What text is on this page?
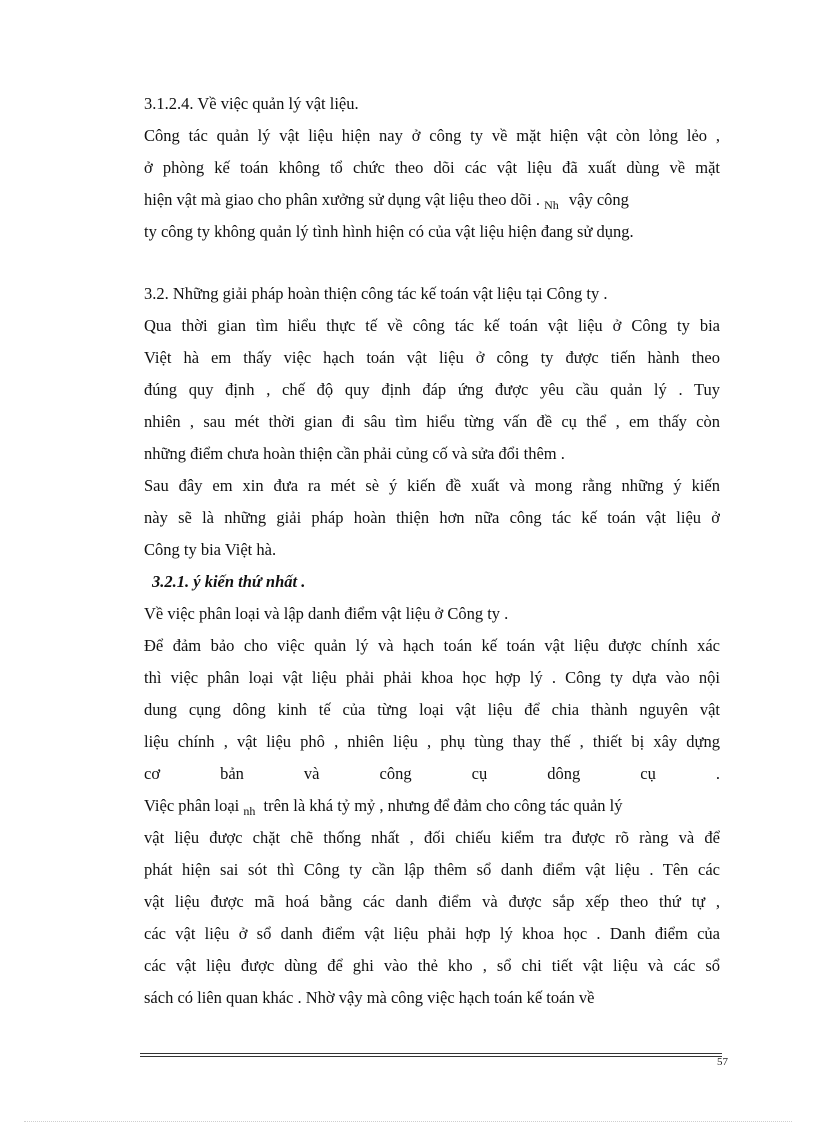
3.1.2.4. Về việc quản lý vật liệu.
Công tác quản lý vật liệu hiện nay ở công ty về mặt hiện vật còn lỏng lẻo ,
ở phòng kế toán không tổ chức theo dõi các vật liệu đã xuất dùng về mặt
hiện vật mà giao cho phân xưởng sử dụng vật liệu theo dõi . $_{Nh}$ vậy công
ty công ty không quản lý tình hình hiện có của vật liệu hiện đang sử dụng.
3.2. Những giải pháp hoàn thiện công tác kế toán vật liệu tại Công ty .
Qua thời gian tìm hiểu thực tế về công tác kế toán vật liệu ở Công ty bia
Việt hà em thấy việc hạch toán vật liệu ở công ty được tiến hành theo
đúng quy định , chế độ quy định đáp ứng được yêu cầu quản lý . Tuy
nhiên , sau mét thời gian đi sâu tìm hiểu từng vấn đề cụ thể , em thấy còn
những điểm chưa hoàn thiện cần phải củng cố và sửa đổi thêm .
Sau đây em xin đưa ra mét sè ý kiến đề xuất và mong rằng những ý kiến
này sẽ là những giải pháp hoàn thiện hơn nữa công tác kế toán vật liệu ở
Công ty bia Việt hà.
3.2.1. ý kiến thứ nhất .
Về việc phân loại và lập danh điểm vật liệu ở Công ty .
Để đảm bảo cho việc quản lý và hạch toán kế toán vật liệu được chính xác
thì việc phân loại vật liệu phải phải khoa học hợp lý . Công ty dựa vào nội
dung cụng dông kinh tế của từng loại vật liệu để chia thành nguyên vật
liệu chính , vật liệu phô , nhiên liệu , phụ tùng thay thế , thiết bị xây dựng
cơ bản và công cụ dông cụ .
Việc phân loại $_{nh}$ trên là khá tỷ mỷ , nhưng để đảm cho công tác quản lý
vật liệu được chặt chẽ thống nhất , đối chiếu kiểm tra được rõ ràng và để
phát hiện sai sót thì Công ty cần lập thêm sổ danh điểm vật liệu . Tên các
vật liệu được mã hoá bằng các danh điểm và được sắp xếp theo thứ tự ,
các vật liệu ở sổ danh điểm vật liệu phải hợp lý khoa học . Danh điểm của
các vật liệu được dùng để ghi vào thẻ kho , sổ chi tiết vật liệu và các sổ
sách có liên quan khác . Nhờ vậy mà công việc hạch toán kế toán về
57
